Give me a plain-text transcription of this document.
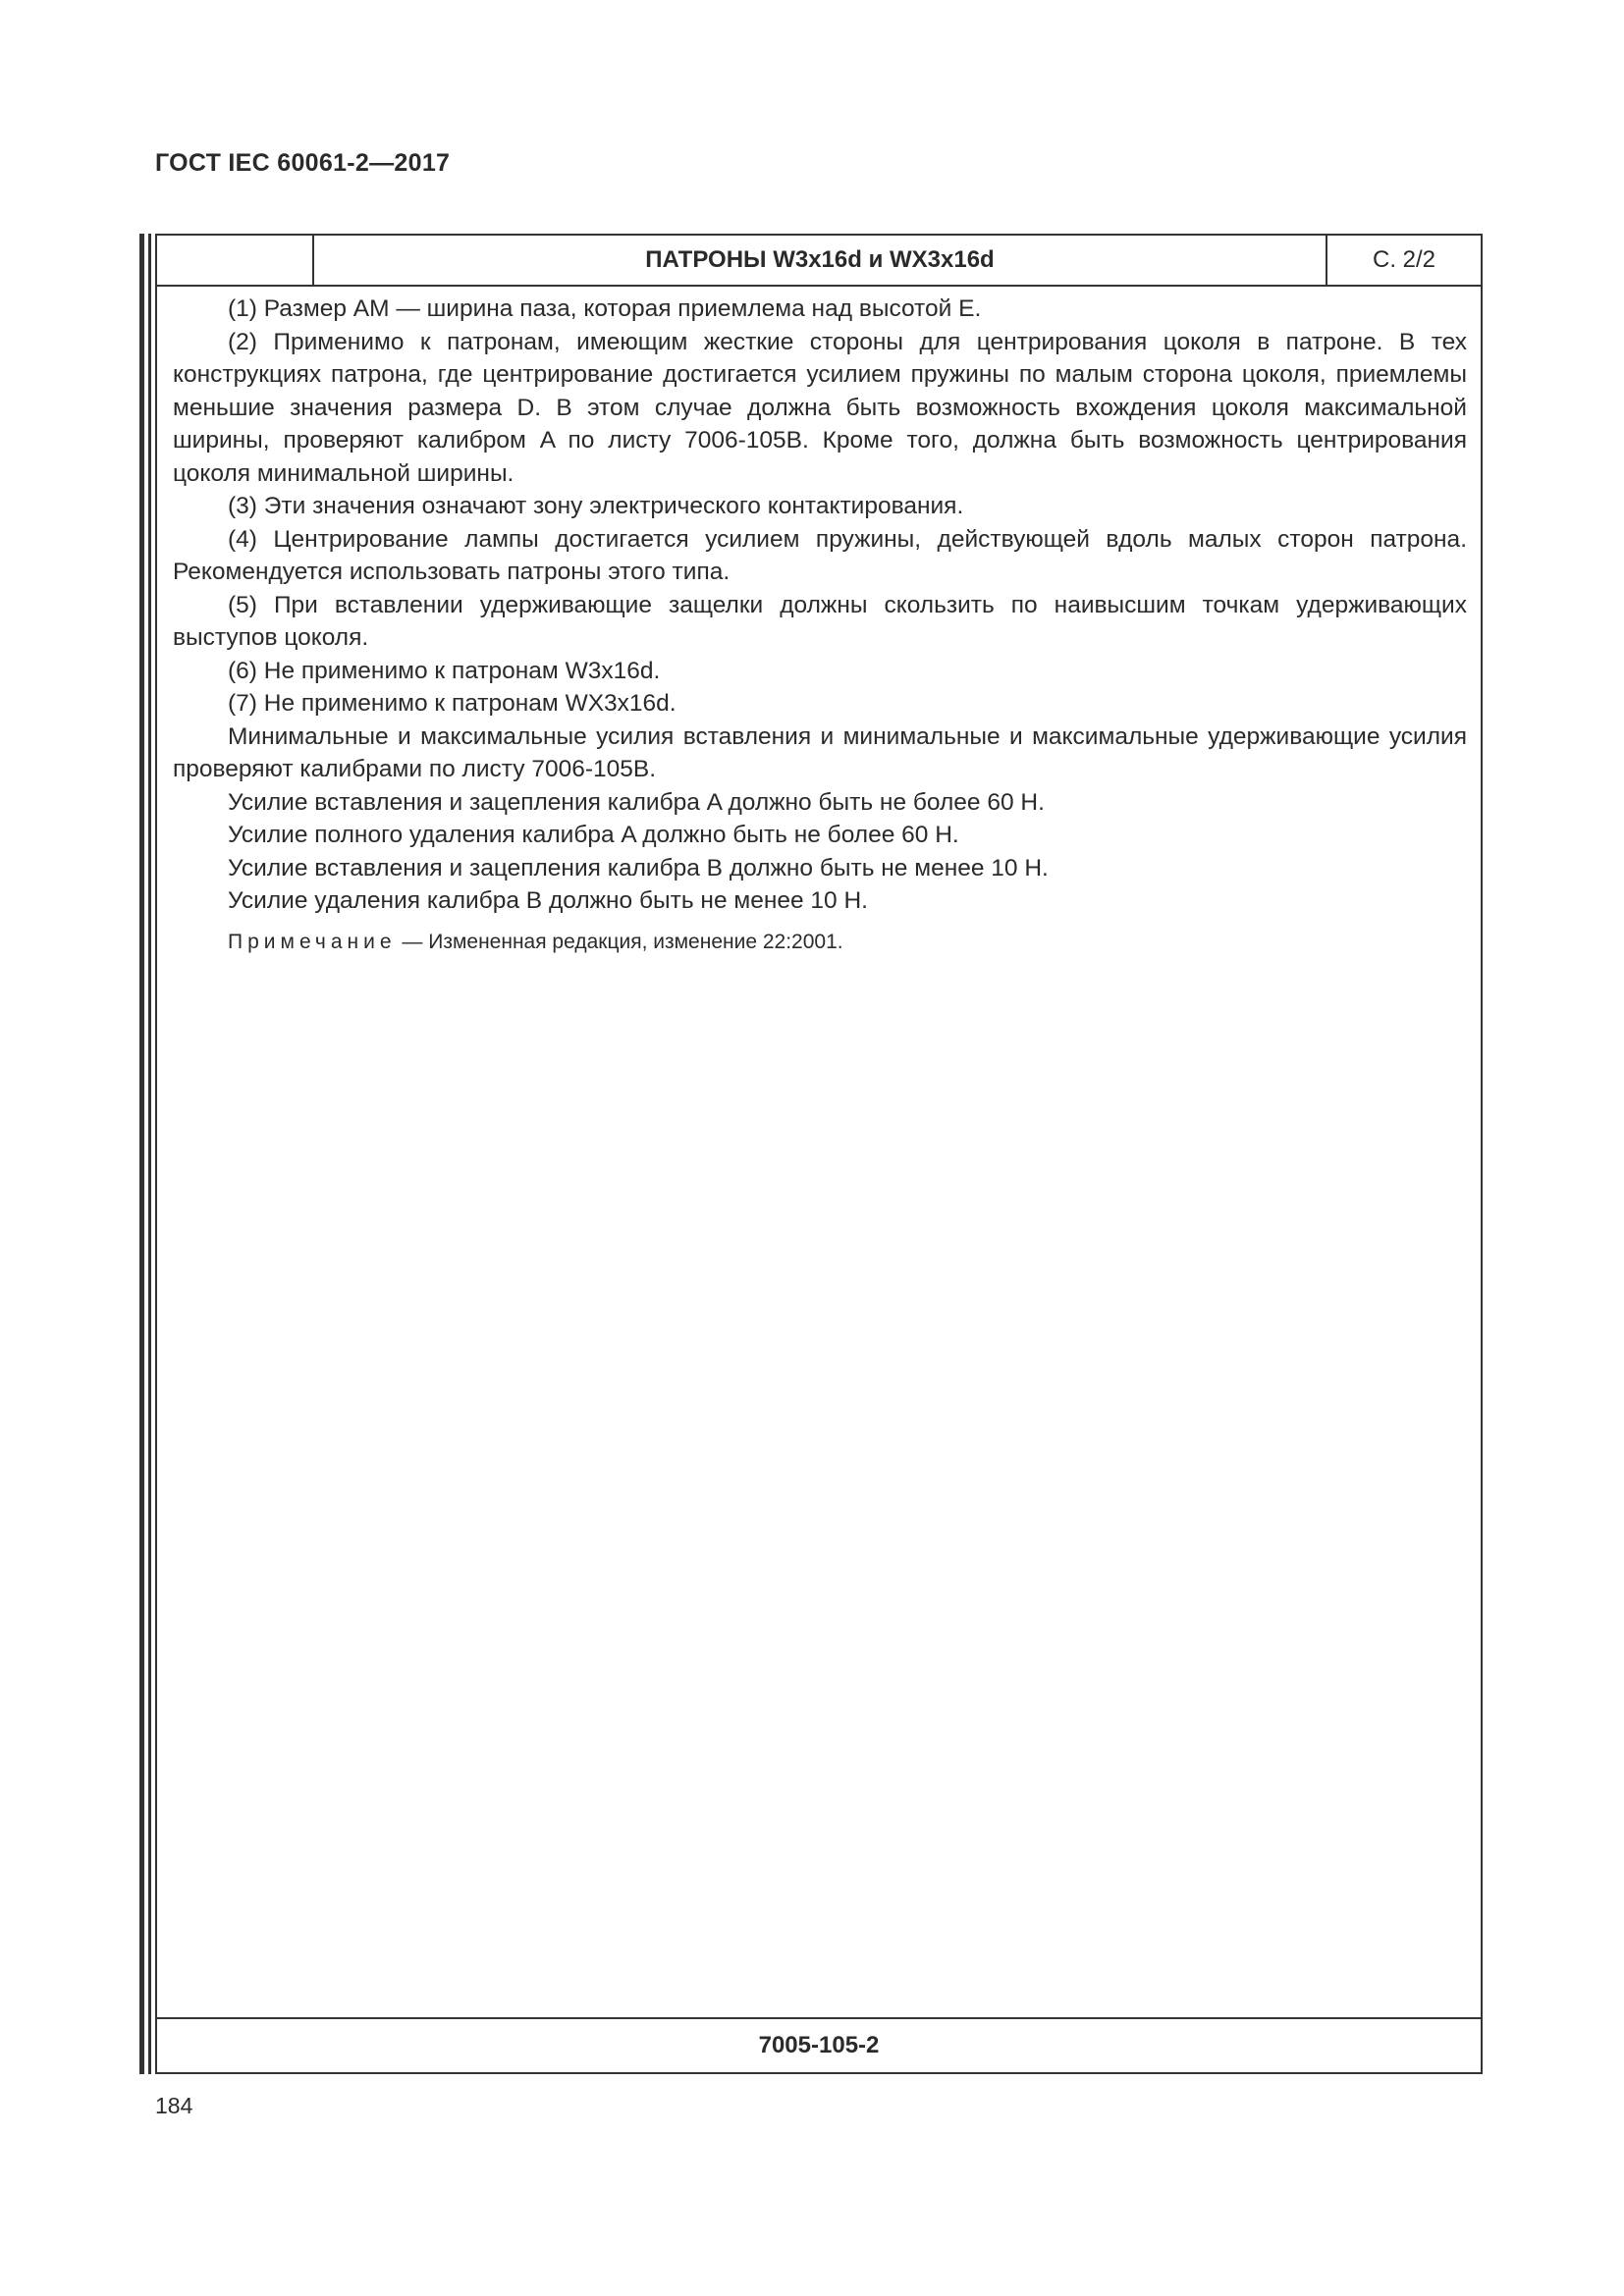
ГОСТ IEC 60061-2—2017
ПАТРОНЫ W3x16d и WX3x16d	С. 2/2

(1) Размер AM — ширина паза, которая приемлема над высотой E.

(2) Применимо к патронам, имеющим жесткие стороны для центрирования цоколя в патроне. В тех конструкциях патрона, где центрирование достигается усилием пружины по малым сторона цоколя, приемлемы меньшие значения размера D. В этом случае должна быть возможность вхождения цоколя максимальной ширины, проверяют калибром A по листу 7006-105В. Кроме того, должна быть возможность центрирования цоколя минимальной ширины.

(3) Эти значения означают зону электрического контактирования.

(4) Центрирование лампы достигается усилием пружины, действующей вдоль малых сторон патрона. Рекомендуется использовать патроны этого типа.

(5) При вставлении удерживающие защелки должны скользить по наивысшим точкам удерживающих выступов цоколя.

(6) Не применимо к патронам W3x16d.

(7) Не применимо к патронам WX3x16d.

Минимальные и максимальные усилия вставления и минимальные и максимальные удерживающие усилия проверяют калибрами по листу 7006-105В.

Усилие вставления и зацепления калибра A должно быть не более 60 Н.

Усилие полного удаления калибра A должно быть не более 60 Н.

Усилие вставления и зацепления калибра B должно быть не менее 10 Н.

Усилие удаления калибра B должно быть не менее 10 Н.

Примечание — Измененная редакция, изменение 22:2001.

7005-105-2
184
